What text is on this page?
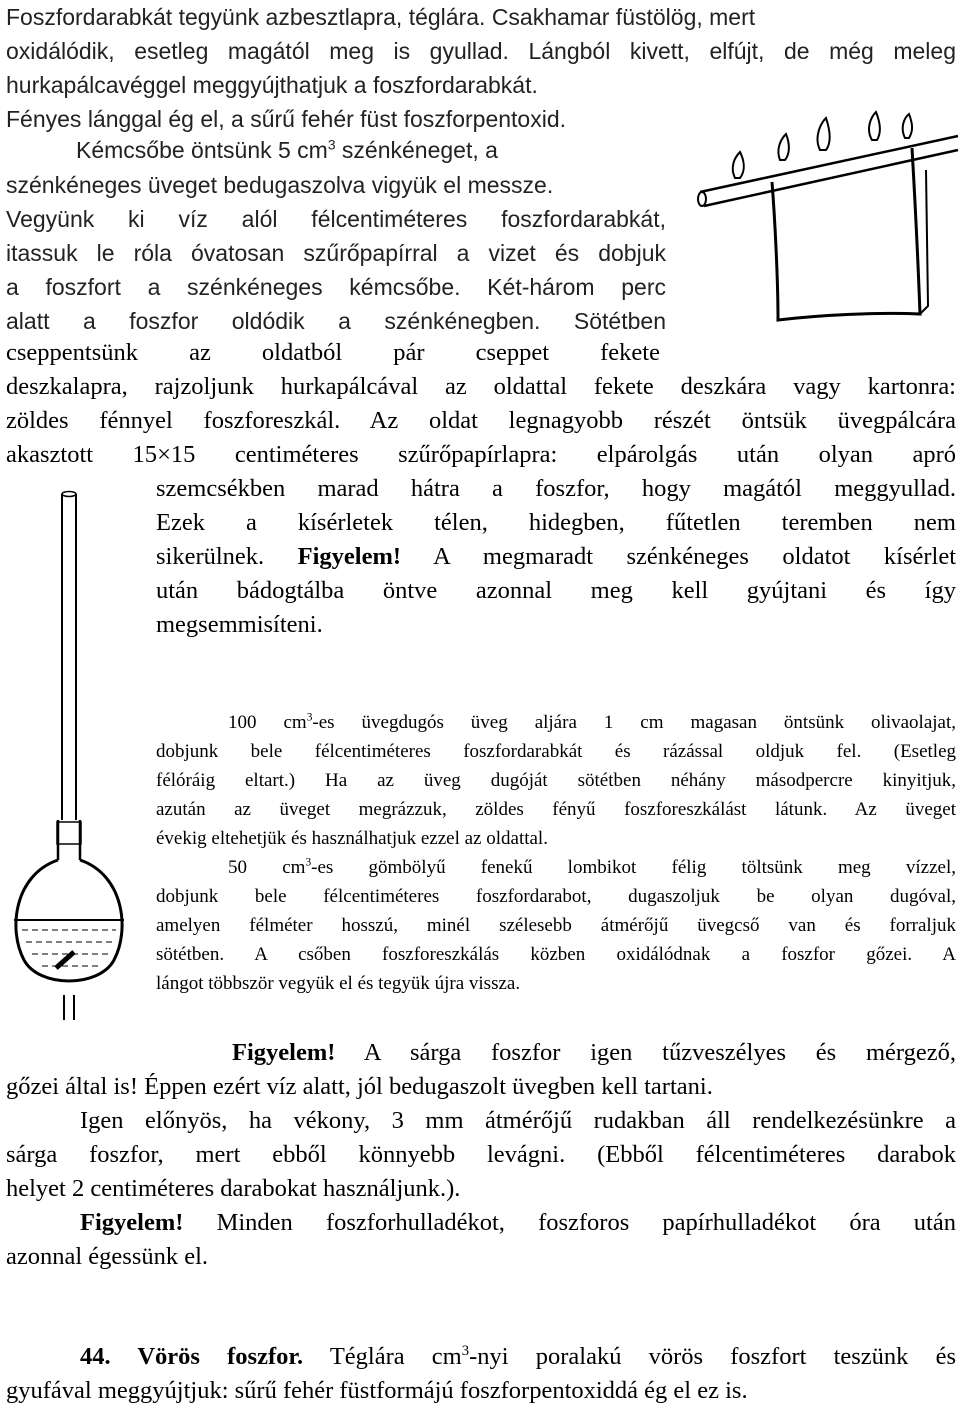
Foszfordarabkát tegyünk azbesztlapra, téglára. Csakhamar füstölög, mert
oxidálódik, esetleg magától meg is gyullad. Lángból kivett, elfújt, de még meleg
hurkapálcavéggel meggyújthatjuk a foszfordarabkát.
Fényes lánggal ég el, a sűrű fehér füst foszforpentoxid.
Kémcsőbe öntsünk 5 $cm^3$ szénkéneget, a
szénkéneges üveget bedugaszolva vigyük el messze.
Vegyünk ki víz alól félcentiméteres foszfordarabkát,
itassuk le róla óvatosan szűrőpapírral a vizet és dobjuk
a foszfort a szénkéneges kémcsőbe. Két-három perc
alatt a foszfor oldódik a szénkénegben. Sötétben
cseppentsünk az oldatból pár cseppet fekete
deszkalapra, rajzoljunk hurkapálcával az oldattal fekete deszkára vagy kartonra:
zöldes fénnyel foszforeszkál. Az oldat legnagyobb részét öntsük üvegpálcára
akasztott 15×15 centiméteres szűrőpapírlapra: elpárolgás után olyan apró
szemcsékben marad hátra a foszfor, hogy magától meggyullad.
Ezek a kísérletek télen, hidegben, fűtetlen teremben nem
sikerülnek. Figyelem! A megmaradt szénkéneges oldatot kísérlet
után bádogtálba öntve azonnal meg kell gyújtani és így
megsemmisíteni.
100 $cm^3-es$ üvegdugós üveg aljára 1 cm magasan öntsünk olivaolajat,
dobjunk bele félcentiméteres foszfordarabkát és rázással oldjuk fel. (Esetleg
félóráig eltart.) Ha az üveg dugóját sötétben néhány másodpercre kinyitjuk,
azután az üveget megrázzuk, zöldes fényű foszforeszkálást látunk. Az üveget
évekig eltehetjük és használhatjuk ezzel az oldattal.
50 $cm^3-es$ gömbölyű fenekű lombikot félig töltsünk meg vízzel,
dobjunk bele félcentiméteres foszfordarabot, dugaszoljuk be olyan dugóval,
amelyen félméter hosszú, minél szélesebb átmérőjű üvegcső van és forraljuk
sötétben. A csőben foszforeszkálás közben oxidálódnak a foszfor gőzei. A
lángot többször vegyük el és tegyük újra vissza.
Figyelem! A sárga foszfor igen tűzveszélyes és mérgező,
gőzei által is! Éppen ezért víz alatt, jól bedugaszolt üvegben kell tartani.
Igen előnyös, ha vékony, 3 mm átmérőjű rudakban áll rendelkezésünkre a
sárga foszfor, mert ebből könnyebb levágni. (Ebből félcentiméteres darabok
helyet 2 centiméteres darabokat használjunk.).
Figyelem! Minden foszforhulladékot, foszforos papírhulladékot óra után
azonnal égessünk el.
44. Vörös foszfor. Téglára $cm^3$-nyi poralakú vörös foszfort teszünk és
gyufával meggyújtjuk: sűrű fehér füstformájú foszforpentoxiddá ég el ez is.
